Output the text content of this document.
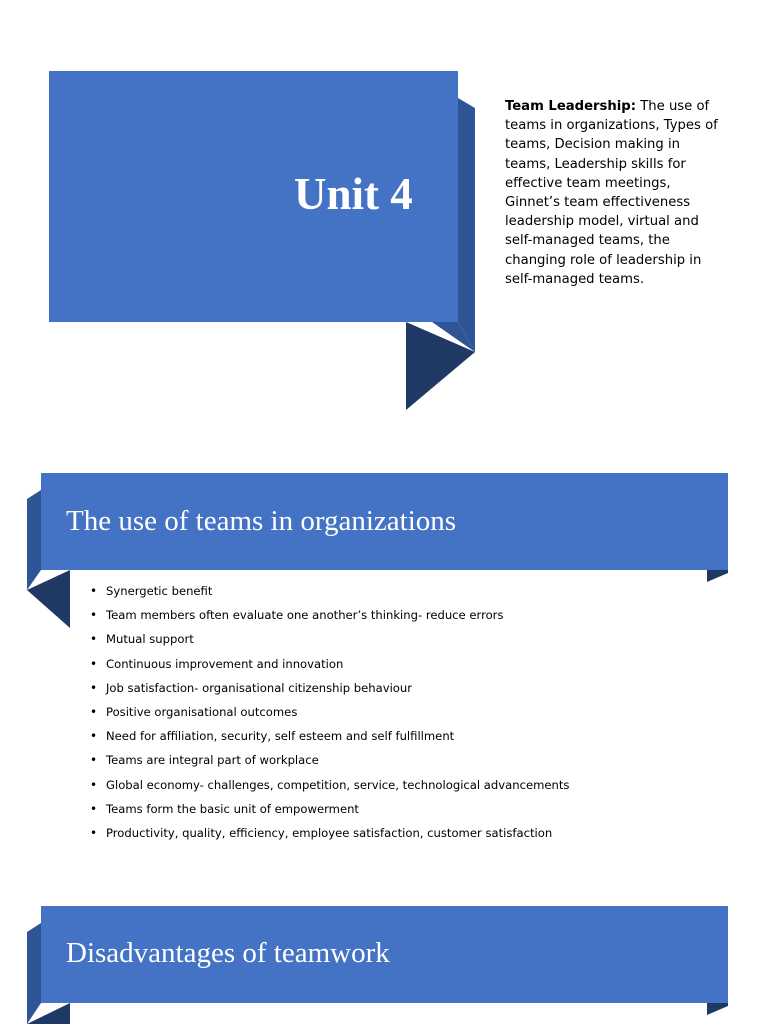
Unit 4
Team Leadership: The use of teams in organizations, Types of teams, Decision making in teams, Leadership skills for effective team meetings, Ginnet’s team effectiveness leadership model, virtual and self-managed teams, the changing role of leadership in self-managed teams.
The use of teams in organizations
• Synergetic benefit
• Team members often evaluate one another’s thinking- reduce errors
• Mutual support
• Continuous improvement and innovation
• Job satisfaction- organisational citizenship behaviour
• Positive organisational outcomes
• Need for affiliation, security, self esteem and self fulfillment
• Teams are integral part of workplace
• Global economy- challenges, competition, service, technological advancements
• Teams form the basic unit of empowerment
• Productivity, quality, efficiency, employee satisfaction, customer satisfaction
Disadvantages of teamwork
